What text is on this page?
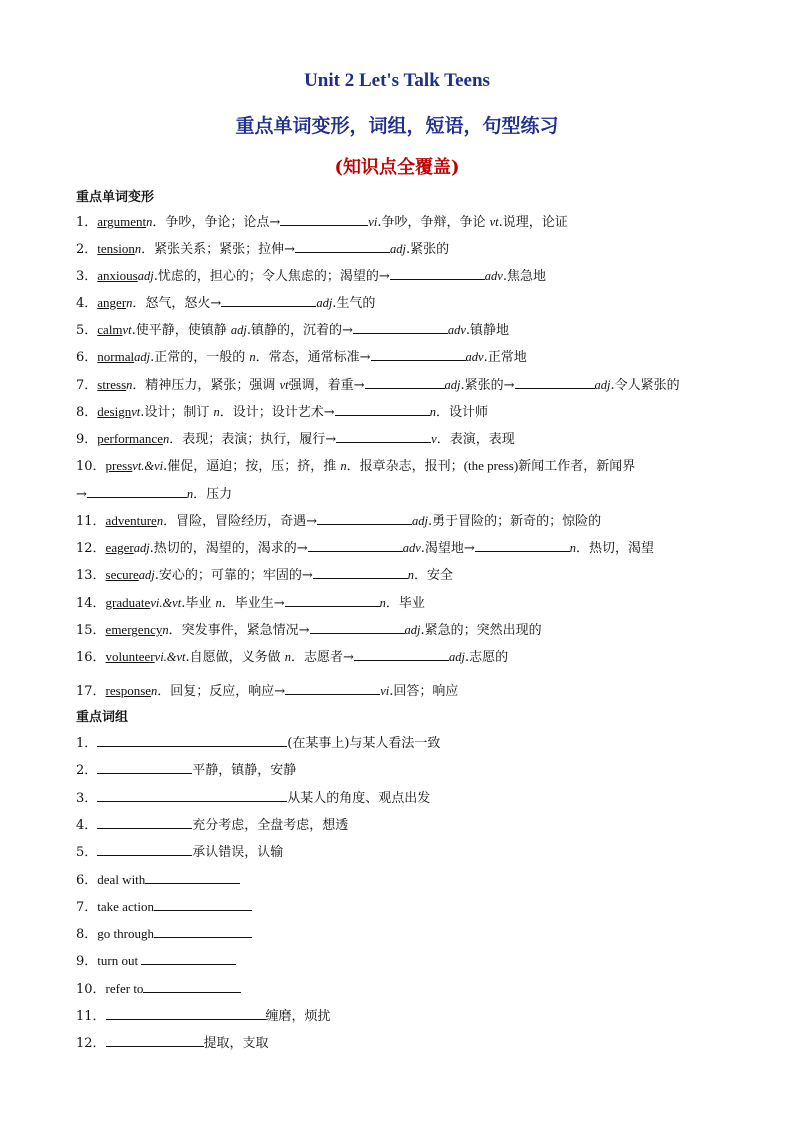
Unit 2 Let's Talk Teens
重点单词变形，词组，短语，句型练习
(知识点全覆盖)
重点单词变形
1．argumentn．争吵，争论；论点→	vi.争吵，争辩，争论 vt.说理，论证
2．tensionn．紧张关系；紧张；拉伸→	adj.紧张的
3．anxiousadj.忧虑的，担心的；令人焦虑的；渴望的→	adv.焦急地
4．angern．怒气，怒火→	adj.生气的
5．calmvt.使平静，使镇静 adj.镇静的，沉着的→	adv.镇静地
6．normaladj.正常的，一般的 n．常态，通常标准→	adv.正常地
7．stressn．精神压力，紧张；强调 vt强调，着重→	adj.紧张的→	adj.令人紧张的
8．designvt.设计；制订 n．设计；设计艺术→	n．设计师
9．performancen．表现；表演；执行，履行→	v．表演，表现
10．pressvt.&vi.催促，逼迫；按，压；挤，推 n．报章杂志，报刊；(the press)新闻工作者，新闻界
→	n．压力
11．adventuren．冒险，冒险经历，奇遇→	adj.勇于冒险的；新奇的；惊险的
12．eageradj.热切的，渴望的，渴求的→	adv.渴望地→	n．热切，渴望
13．secureadj.安心的；可靠的；牢固的→	n．安全
14．graduatevi.&vt.毕业 n．毕业生→	n．毕业
15．emergencyn．突发事件，紧急情况→	adj.紧急的；突然出现的
16．volunteervi.&vt.自愿做，义务做 n．志愿者→	adj.志愿的
17．responsen．回复；反应，响应→	vi.回答；响应
重点词组
1．	(在某事上)与某人看法一致
2．	平静，镇静，安静
3．	从某人的角度、观点出发
4．	充分考虑，全盘考虑，想透
5．	承认错误，认输
6．deal with
7．take action
8．go through
9．turn out
10．refer to
11．	缠磨，烦扰
12．	提取，支取
